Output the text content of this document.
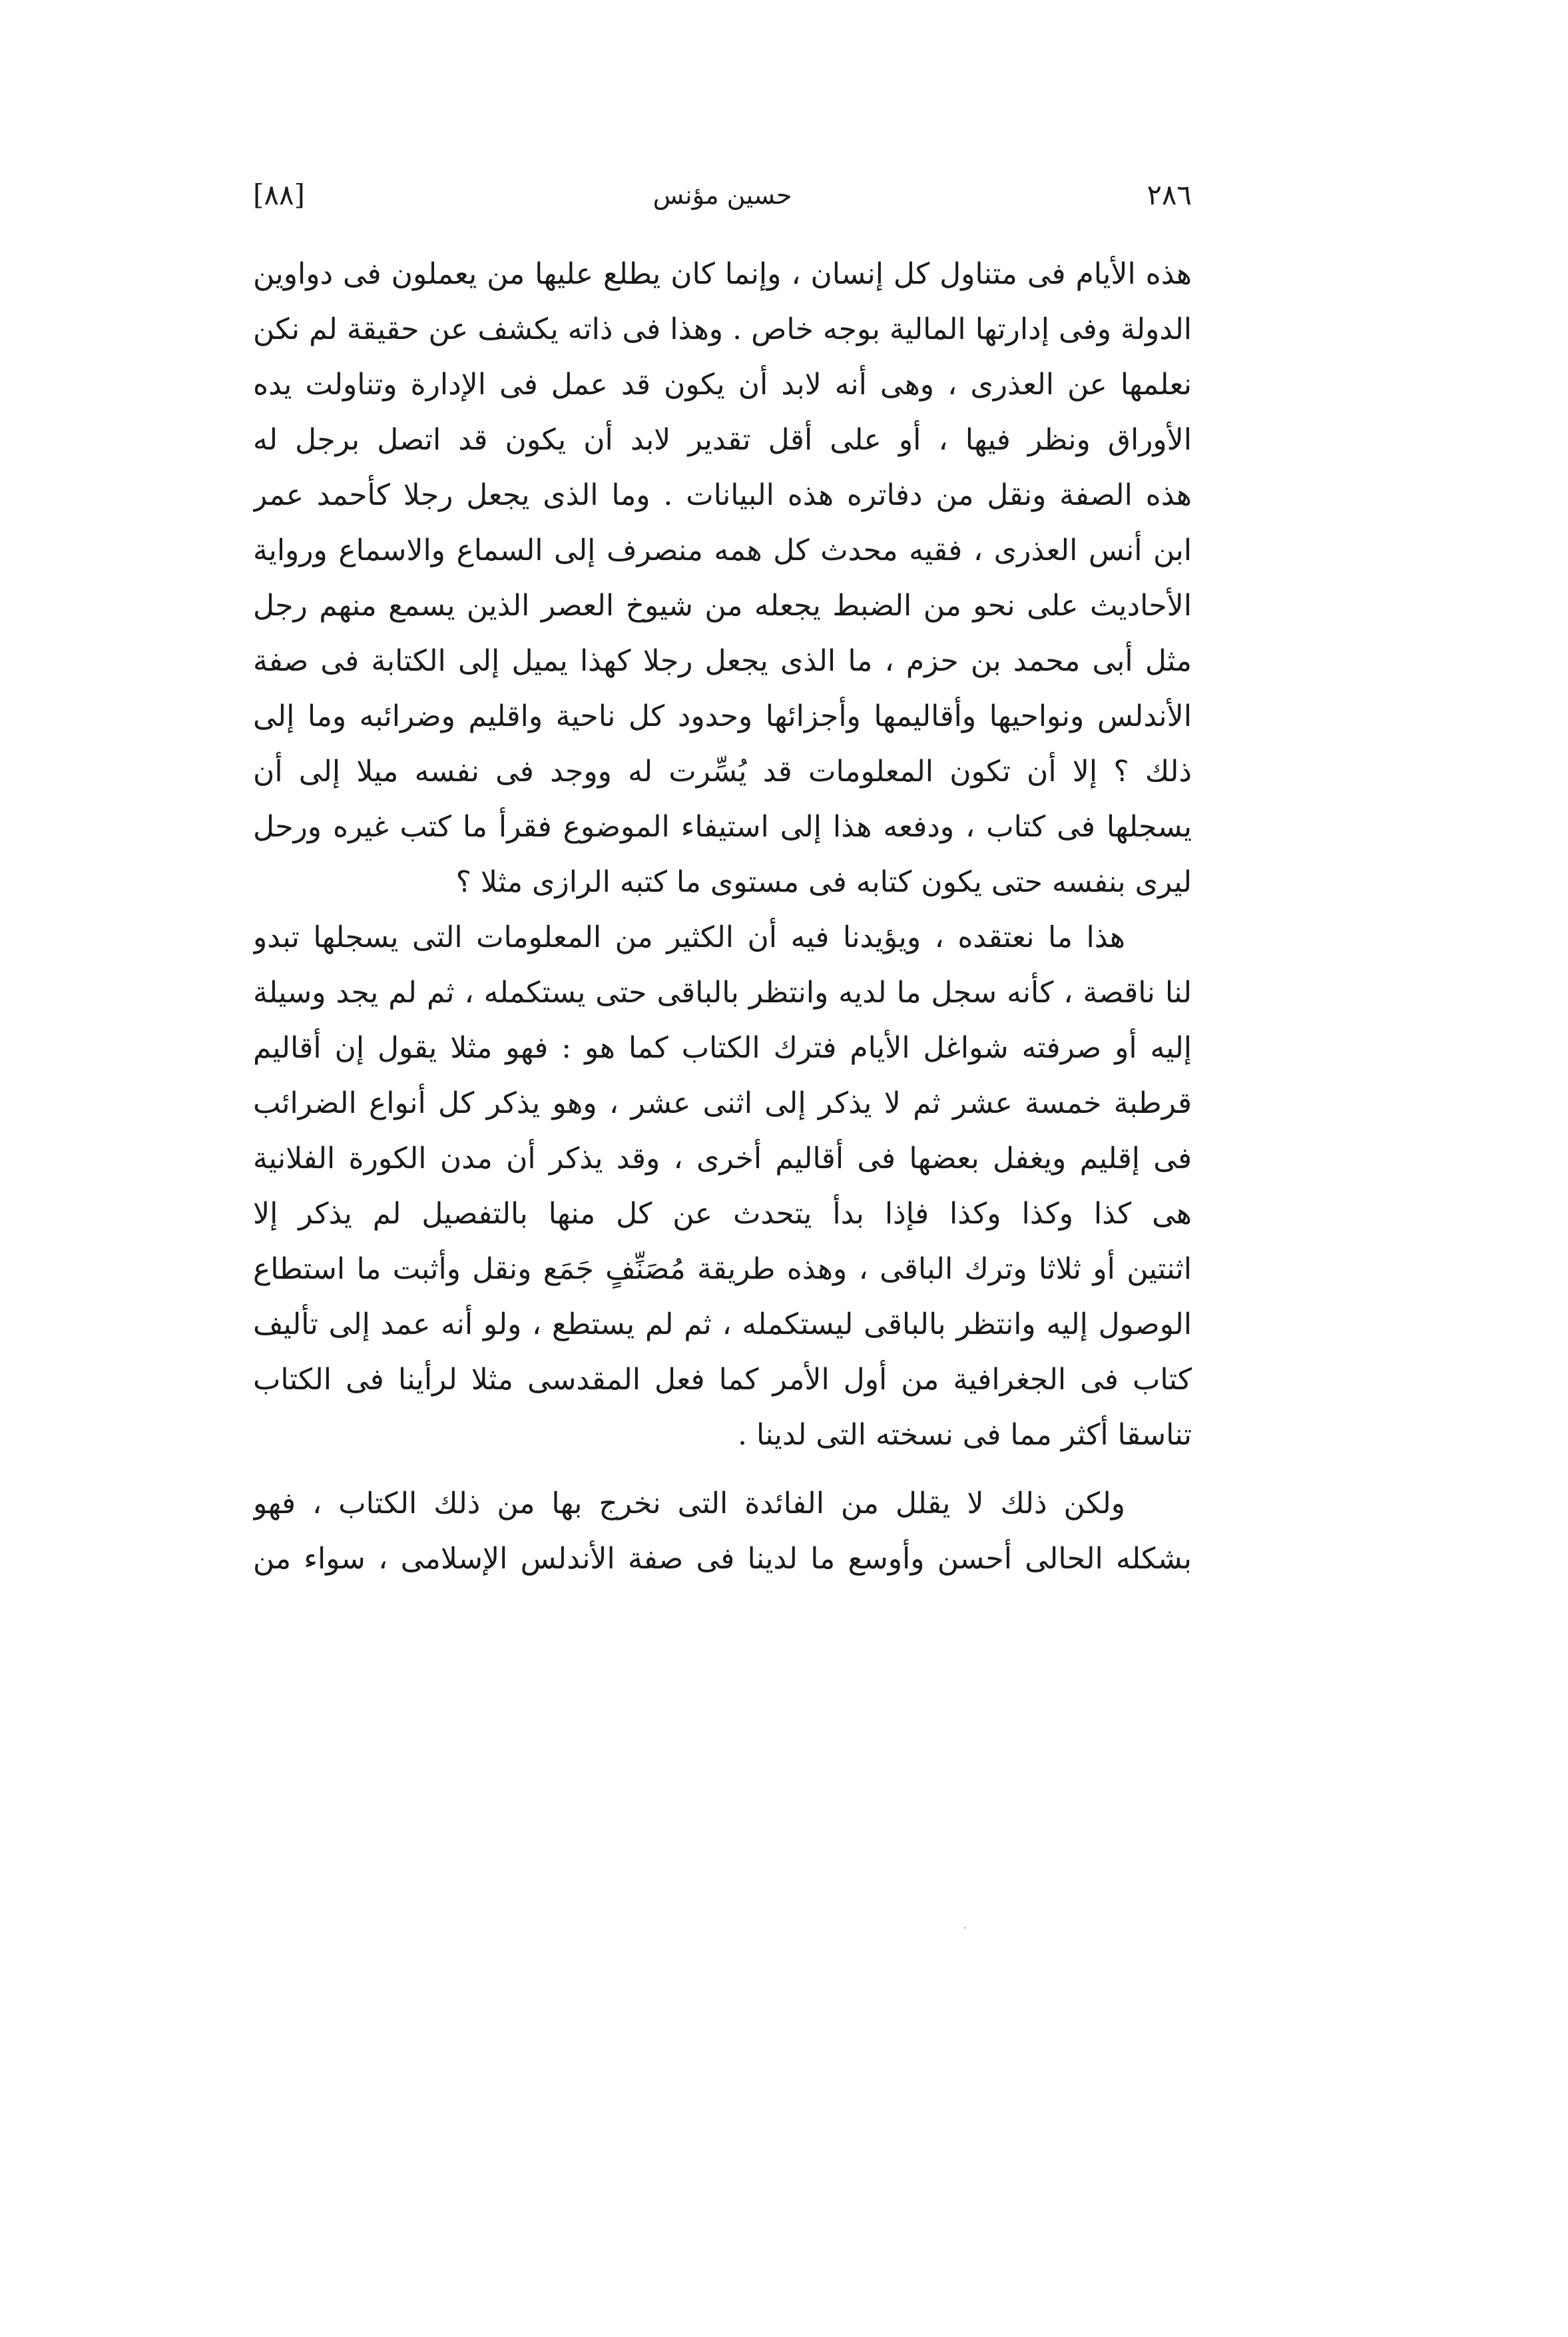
٢٨٦
حسين مؤنس
[٨٨]
هذه الأيام فى متناول كل إنسان ، وإنما كان يطلع عليها من يعملون فى دواوين
الدولة وفى إدارتها المالية بوجه خاص . وهذا فى ذاته يكشف عن حقيقة لم نكن
نعلمها عن العذرى ، وهى أنه لابد أن يكون قد عمل فى الإدارة وتناولت يده
الأوراق ونظر فيها ، أو على أقل تقدير لابد أن يكون قد اتصل برجل له
هذه الصفة ونقل من دفاتره هذه البيانات . وما الذى يجعل رجلا كأحمد عمر
ابن أنس العذرى ، فقيه محدث كل همه منصرف إلى السماع والاسماع ورواية
الأحاديث على نحو من الضبط يجعله من شيوخ العصر الذين يسمع منهم رجل
مثل أبى محمد بن حزم ، ما الذى يجعل رجلا كهذا يميل إلى الكتابة فى صفة
الأندلس ونواحيها وأقاليمها وأجزائها وحدود كل ناحية واقليم وضرائبه وما إلى
ذلك ؟ إلا أن تكون المعلومات قد يُسِّرت له ووجد فى نفسه ميلا إلى أن
يسجلها فى كتاب ، ودفعه هذا إلى استيفاء الموضوع فقرأ ما كتب غيره ورحل
ليرى بنفسه حتى يكون كتابه فى مستوى ما كتبه الرازى مثلا ؟
هذا ما نعتقده ، ويؤيدنا فيه أن الكثير من المعلومات التى يسجلها تبدو
لنا ناقصة ، كأنه سجل ما لديه وانتظر بالباقى حتى يستكمله ، ثم لم يجد وسيلة
إليه أو صرفته شواغل الأيام فترك الكتاب كما هو : فهو مثلا يقول إن أقاليم
قرطبة خمسة عشر ثم لا يذكر إلى اثنى عشر ، وهو يذكر كل أنواع الضرائب
فى إقليم ويغفل بعضها فى أقاليم أخرى ، وقد يذكر أن مدن الكورة الفلانية
هى كذا وكذا وكذا فإذا بدأ يتحدث عن كل منها بالتفصيل لم يذكر إلا
اثنتين أو ثلاثا وترك الباقى ، وهذه طريقة مُصَنِّفٍ جَمَع ونقل وأثبت ما استطاع
الوصول إليه وانتظر بالباقى ليستكمله ، ثم لم يستطع ، ولو أنه عمد إلى تأليف
كتاب فى الجغرافية من أول الأمر كما فعل المقدسى مثلا لرأينا فى الكتاب
تناسقا أكثر مما فى نسخته التى لدينا .
ولكن ذلك لا يقلل من الفائدة التى نخرج بها من ذلك الكتاب ، فهو
بشكله الحالى أحسن وأوسع ما لدينا فى صفة الأندلس الإسلامى ، سواء من
